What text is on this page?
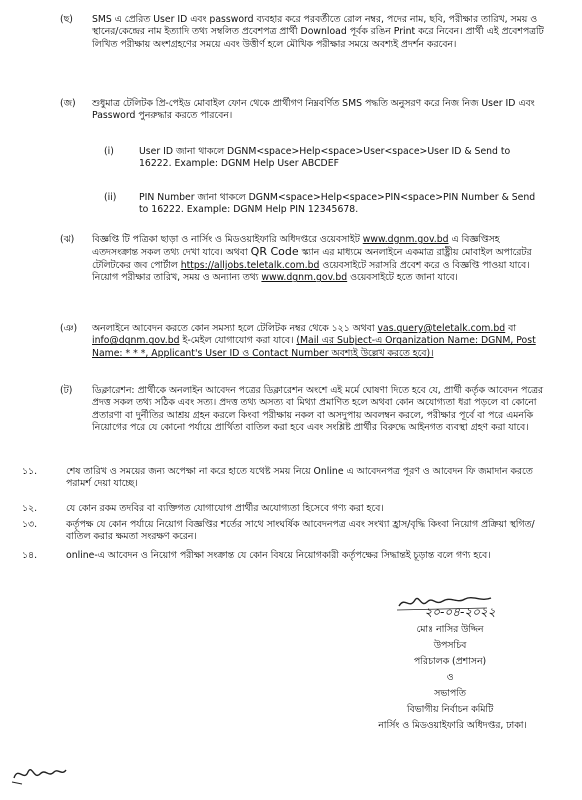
(ছ) SMS এ প্রেরিত User ID এবং password ব্যবহার করে পরবর্তীতে রোল নম্বর, পদের নাম, ছবি, পরীক্ষার তারিখ, সময় ও স্থানের/কেন্দ্রের নাম ইত্যাদি তথ্য সম্বলিত প্রবেশপত্র প্রার্থী Download পূর্বক রঙিন Print করে নিবেন। প্রার্থী এই প্রবেশপত্রটি লিখিত পরীক্ষায় অংশগ্রহণের সময়ে এবং উত্তীর্ণ হলে মৌখিক পরীক্ষার সময়ে অবশ্যই প্রদর্শন করবেন।
(জ) শুধুমাত্র টেলিটক প্রি-পেইড মোবাইল ফোন থেকে প্রার্থীগণ নিম্নবর্ণিত SMS পদ্ধতি অনুসরণ করে নিজ নিজ User ID এবং Password পুনরুদ্ধার করতে পারবেন।
(i)	User ID জানা থাকলে DGNM<space>Help<space>User<space>User ID & Send to 16222. Example: DGNM Help User ABCDEF
(ii) PIN Number জানা থাকলে DGNM<space>Help<space>PIN<space>PIN Number & Send to 16222. Example: DGNM Help PIN 12345678.
(ঝ) বিজ্ঞপ্তি টি পত্রিকা ছাড়া ও নার্সিং ও মিডওয়াইফারি অধিদপ্তরে ওয়েবসাইট www.dgnm.gov.bd এ বিজ্ঞপ্তিসহ এতদসংক্রান্ত সকল তথ্য দেখা যাবে। অথবা QR Code স্ক্যান এর মাধ্যমে অনলাইনে একমাত্র রাষ্ট্রীয় মোবাইল অপারেটর টেলিটকের জব পোর্টাল https://alljobs.teletalk.com.bd ওয়েবসাইটে সরাসরি প্রবেশ করে ও বিজ্ঞপ্তি পাওয়া যাবে। নিয়োগ পরীক্ষার তারিখ, সময় ও অন্যান্য তথ্য www.dgnm.gov.bd ওয়েবসাইটে হতে জানা যাবে।
(ঞ) অনলাইনে আবেদন করতে কোন সমস্যা হলে টেলিটক নম্বর থেকে ১২১ অথবা vas.query@teletalk.com.bd বা info@dgnm.gov.bd ই-মেইল যোগাযোগ করা যাবে। (Mail এর Subject-এ Organization Name: DGNM, Post Name: * * *, Applicant's User ID ও Contact Number অবশ্যই উল্লেখ করতে হবে)।
(ট) ডিক্লারেশন: প্রার্থীকে অনলাইন আবেদন পত্রের ডিক্লারেশন অংশে এই মর্মে ঘোষণা দিতে হবে যে, প্রার্থী কর্তৃক আবেদন পত্রের প্রদত্ত সকল তথ্য সঠিক এবং সত্য। প্রদত্ত তথ্য অসত্য বা মিথ্যা প্রমাণিত হলে অথবা কোন অযোগ্যতা ধরা পড়লে বা কোনো প্রতারণা বা দুর্নীতির আশ্রয় গ্রহন করলে কিংবা পরীক্ষায় নকল বা অসদুপায় অবলম্বন করলে, পরীক্ষার পূর্বে বা পরে এমনকি নিয়োগের পরে যে কোনো পর্যায়ে প্রার্থিতা বাতিল করা হবে এবং সংশ্লিষ্ট প্রার্থীর বিরুদ্ধে আইনগত ব্যবস্থা গ্রহণ করা যাবে।
১১.	শেষ তারিখ ও সময়ের জন্য অপেক্ষা না করে হাতে যথেষ্ট সময় নিয়ে Online এ আবেদনপত্র পূরণ ও আবেদন ফি জমাদান করতে পরামর্শ দেয়া যাচ্ছে।
১২.	যে কোন রকম তদবির বা ব্যক্তিগত যোগাযোগ প্রার্থীর অযোগ্যতা হিসেবে গণ্য করা হবে।
১৩.	কর্তৃপক্ষ যে কোন পর্যায়ে নিয়োগ বিজ্ঞপ্তির শর্তের সাথে সাংঘর্ষিক আবেদনপত্র এবং সংখ্যা হ্রাস/বৃদ্ধি কিংবা নিয়োগ প্রক্রিয়া স্থগিত/বাতিল করার ক্ষমতা সংরক্ষণ করেন।
১৪.	online-এ আবেদন ও নিয়োগ পরীক্ষা সংক্রান্ত যে কোন বিষয়ে নিয়োগকারী কর্তৃপক্ষের সিদ্ধান্তই চূড়ান্ত বলে গণ্য হবে।
২০-০৪-২০২২
মোঃ নাসির উদ্দিন
উপসচিব
পরিচালক (প্রশাসন)
ও
সভাপতি
বিভাগীয় নির্বাচন কমিটি
নার্সিং ও মিডওয়াইফারি অধিদপ্তর, ঢাকা।
